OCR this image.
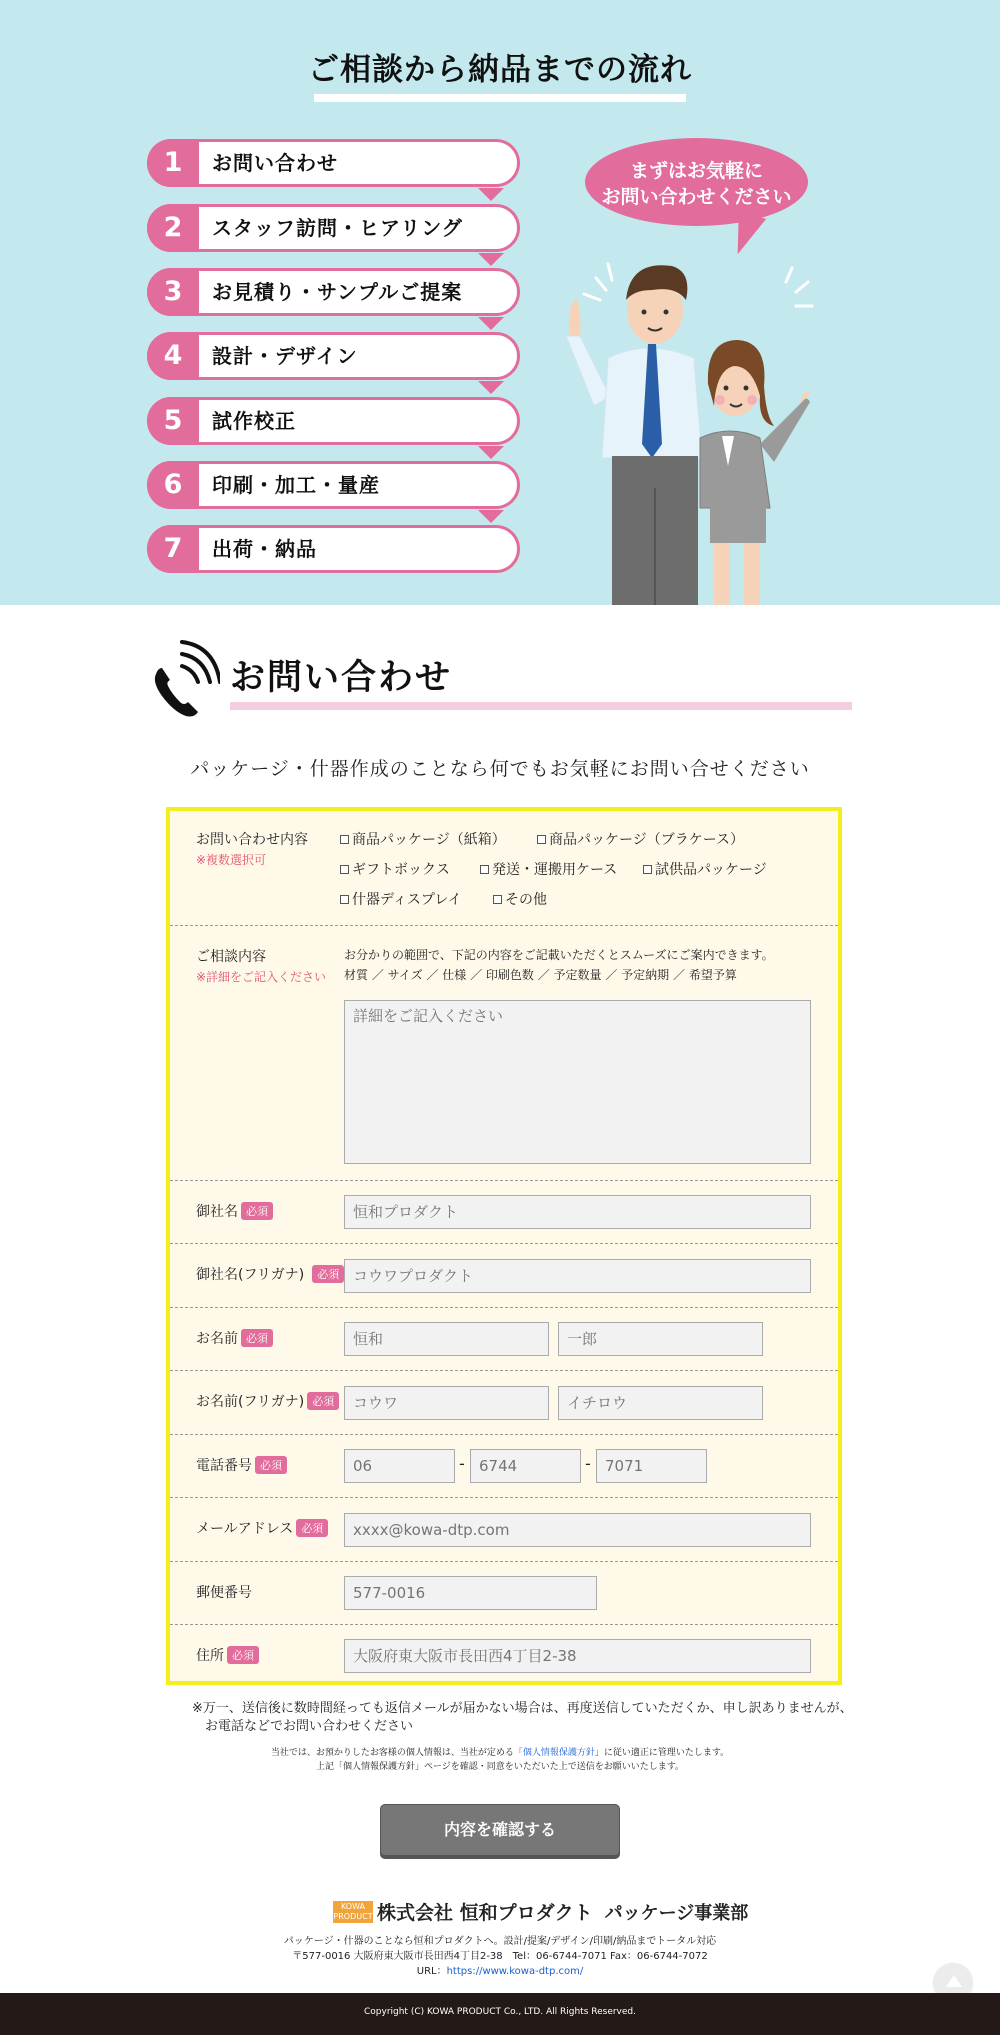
ご相談から納品までの流れ
1	お問い合わせ
2	スタッフ訪問・ヒアリング
3	お見積り・サンプルご提案
4	設計・デザイン
5	試作校正
6	印刷・加工・量産
7	出荷・納品
まずはお気軽に
お問い合わせください
お問い合わせ
パッケージ・什器作成のことなら何でもお気軽にお問い合せください
お問い合わせ内容
※複数選択可
商品パッケージ（紙箱）	商品パッケージ（ブラケース）
ギフトボックス	発送・運搬用ケース	試供品パッケージ
什器ディスプレイ	その他
ご相談内容
※詳細をご記入ください
お分かりの範囲で、下記の内容をご記載いただくとスムーズにご案内できます。
材質 ／ サイズ ／ 仕様 ／ 印刷色数 ／ 予定数量 ／ 予定納期 ／ 希望予算
詳細をご記入ください
御社名 必須
恒和プロダクト
御社名(フリガナ) 必須
コウワプロダクト
お名前 必須
恒和
一郎
お名前(フリガナ) 必須
コウワ
イチロウ
電話番号 必須
06	-
6744	-
7071
メールアドレス 必須
xxxx@kowa-dtp.com
郵便番号
577-0016
住所 必須
大阪府東大阪市長田西4丁目2-38
※万一、送信後に数時間経っても返信メールが届かない場合は、再度送信していただくか、申し訳ありませんが、
お電話などでお問い合わせください
当社では、お預かりしたお客様の個人情報は、当社が定める「個人情報保護方針」に従い適正に管理いたします。
上記「個人情報保護方針」ページを確認・同意をいただいた上で送信をお願いいたします。
内容を確認する
KOWA
PRODUCT 株式会社 恒和プロダクト パッケージ事業部
パッケージ・什器のことなら恒和プロダクトへ。設計/提案/デザイン/印刷/納品までトータル対応
〒577-0016 大阪府東大阪市長田西4丁目2-38　Tel：06-6744-7071 Fax：06-6744-7072
URL：https://www.kowa-dtp.com/
Copyright (C) KOWA PRODUCT Co., LTD. All Rights Reserved.
